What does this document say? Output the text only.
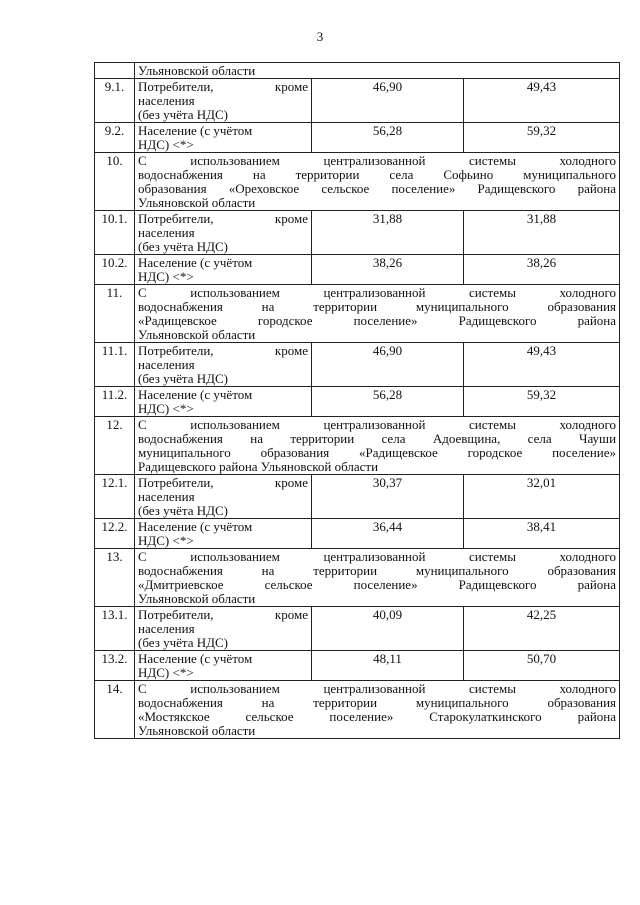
3
	Ульяновской области		
9.1.	Потребители, кроме
населения
(без учёта НДС)	46,90	49,43
9.2.	Население (с учётом
НДС) <*>	56,28	59,32
10.	С использованием централизованной системы холодного
водоснабжения на территории села Софьино муниципального
образования «Ореховское сельское поселение» Радищевского района
Ульяновской области		

10.1.	Потребители, кроме
населения
(без учёта НДС)	31,88	31,88
10.2.	Население (с учётом
НДС) <*>	38,26	38,26
11.	С использованием централизованной системы холодного
водоснабжения на территории муниципального образования
«Радищевское городское поселение» Радищевского района
Ульяновской области		

11.1.	Потребители, кроме
населения
(без учёта НДС)	46,90	49,43
11.2.	Население (с учётом
НДС) <*>	56,28	59,32
12.	С использованием централизованной системы холодного
водоснабжения на территории села Адоевщина, села Чауши
муниципального образования «Радищевское городское поселение»
Радищевского района Ульяновской области		

12.1.	Потребители, кроме
населения
(без учёта НДС)	30,37	32,01
12.2.	Население (с учётом
НДС) <*>	36,44	38,41
13.	С использованием централизованной системы холодного
водоснабжения на территории муниципального образования
«Дмитриевское сельское поселение» Радищевского района
Ульяновской области		

13.1.	Потребители, кроме
населения
(без учёта НДС)	40,09	42,25
13.2.	Население (с учётом
НДС) <*>	48,11	50,70
14.	С использованием централизованной системы холодного
водоснабжения на территории муниципального образования
«Мостякское сельское поселение» Старокулаткинского района
Ульяновской области		
